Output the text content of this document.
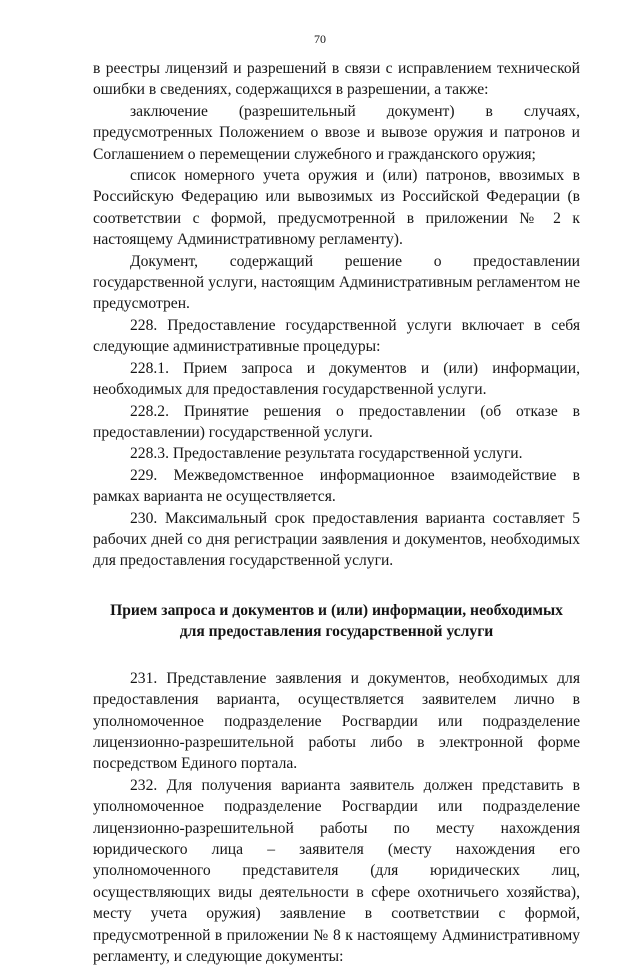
70

в реестры лицензий и разрешений в связи с исправлением технической ошибки в сведениях, содержащихся в разрешении, а также:

заключение (разрешительный документ) в случаях, предусмотренных Положением о ввозе и вывозе оружия и патронов и Соглашением о перемещении служебного и гражданского оружия;

список номерного учета оружия и (или) патронов, ввозимых в Российскую Федерацию или вывозимых из Российской Федерации (в соответствии с формой, предусмотренной в приложении № 2 к настоящему Административному регламенту).

Документ, содержащий решение о предоставлении государственной услуги, настоящим Административным регламентом не предусмотрен.

228. Предоставление государственной услуги включает в себя следующие административные процедуры:

228.1. Прием запроса и документов и (или) информации, необходимых для предоставления государственной услуги.

228.2. Принятие решения о предоставлении (об отказе в предоставлении) государственной услуги.

228.3. Предоставление результата государственной услуги.

229. Межведомственное информационное взаимодействие в рамках варианта не осуществляется.

230. Максимальный срок предоставления варианта составляет 5 рабочих дней со дня регистрации заявления и документов, необходимых для предоставления государственной услуги.

Прием запроса и документов и (или) информации, необходимых
для предоставления государственной услуги

231. Представление заявления и документов, необходимых для предоставления варианта, осуществляется заявителем лично в уполномоченное подразделение Росгвардии или подразделение лицензионно-разрешительной работы либо в электронной форме посредством Единого портала.

232. Для получения варианта заявитель должен представить в уполномоченное подразделение Росгвардии или подразделение лицензионно-разрешительной работы по месту нахождения юридического лица – заявителя (месту нахождения его уполномоченного представителя (для юридических лиц, осуществляющих виды деятельности в сфере охотничьего хозяйства), месту учета оружия) заявление в соответствии с формой, предусмотренной в приложении № 8 к настоящему Административному регламенту, и следующие документы:
